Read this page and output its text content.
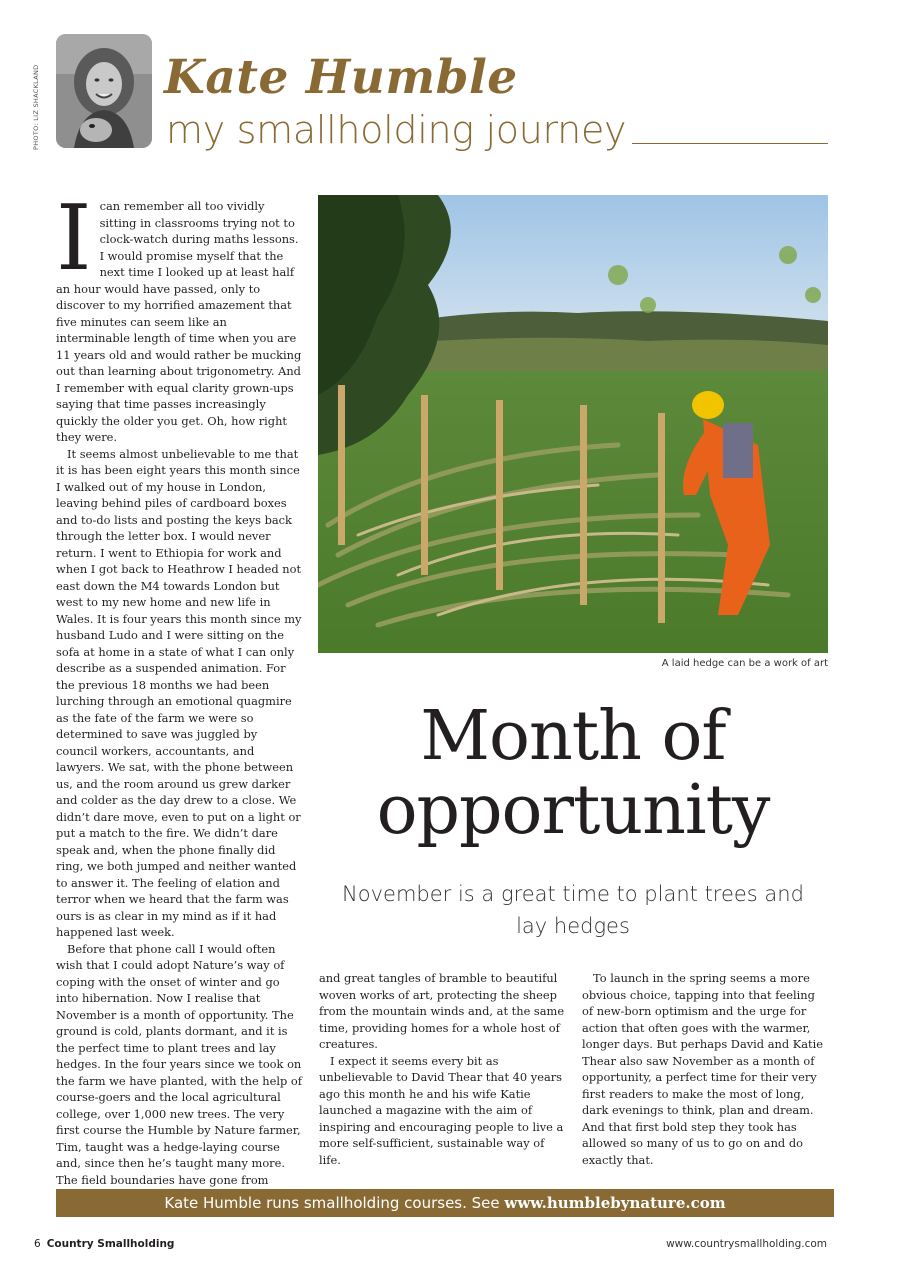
PHOTO: LIZ SHACKLAND	Kate Humble
my smallholding journey

Ican remember all too vividly sitting in classrooms trying not to clock-watch during maths lessons. I would promise myself that the next time I looked up at least half an hour would have passed, only to discover to my horrified amazement that five minutes can seem like an interminable length of time when you are 11 years old and would rather be mucking out than learning about trigonometry. And I remember with equal clarity grown-ups saying that time passes increasingly quickly the older you get. Oh, how right they were.

It seems almost unbelievable to me that it is has been eight years this month since I walked out of my house in London, leaving behind piles of cardboard boxes and to-do lists and posting the keys back through the letter box. I would never return. I went to Ethiopia for work and when I got back to Heathrow I headed not east down the M4 towards London but west to my new home and new life in Wales. It is four years this month since my husband Ludo and I were sitting on the sofa at home in a state of what I can only describe as a suspended animation. For the previous 18 months we had been lurching through an emotional quagmire as the fate of the farm we were so determined to save was juggled by council workers, accountants, and lawyers. We sat, with the phone between us, and the room around us grew darker and colder as the day drew to a close. We didn’t dare move, even to put on a light or put a match to the fire. We didn’t dare speak and, when the phone finally did ring, we both jumped and neither wanted to answer it. The feeling of elation and terror when we heard that the farm was ours is as clear in my mind as if it had happened last week.

Before that phone call I would often wish that I could adopt Nature’s way of coping with the onset of winter and go into hibernation. Now I realise that November is a month of opportunity. The ground is cold, plants dormant, and it is the perfect time to plant trees and lay hedges. In the four years since we took on the farm we have planted, with the help of course-goers and the local agricultural college, over 1,000 new trees. The very first course the Humble by Nature farmer, Tim, taught was a hedge-laying course and, since then he’s taught many more. The field boundaries have gone from

A laid hedge can be a work of art
Month of
opportunity
November is a great time to plant trees and lay hedges

and great tangles of bramble to beautiful woven works of art, protecting the sheep from the mountain winds and, at the same time, providing homes for a whole host of creatures.

I expect it seems every bit as unbelievable to David Thear that 40 years ago this month he and his wife Katie launched a magazine with the aim of inspiring and encouraging people to live a more self-sufficient, sustainable way of life.

To launch in the spring seems a more obvious choice, tapping into that feeling of new-born optimism and the urge for action that often goes with the warmer, longer days. But perhaps David and Katie Thear also saw November as a month of opportunity, a perfect time for their very first readers to make the most of long, dark evenings to think, plan and dream. And that first bold step they took has allowed so many of us to go on and do exactly that.

Kate Humble runs smallholding courses. See www.humblebynature.com
6 Country Smallholding	www.countrysmallholding.com
